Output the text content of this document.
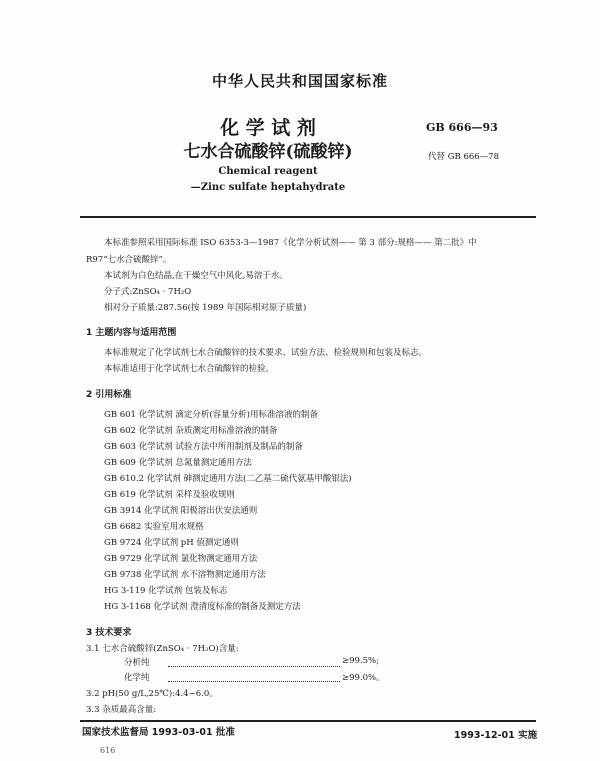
中华人民共和国国家标准
化 学 试 剂
七水合硫酸锌(硫酸锌)
Chemical reagent
—Zinc sulfate heptahydrate
GB 666—93
代替 GB 666—78
本标准参照采用国际标准 ISO 6353-3—1987《化学分析试剂—— 第 3 部分:规格—— 第二批》中
R97“七水合硫酸锌”。
本试剂为白色结晶,在干燥空气中风化,易溶于水。
分子式:ZnSO₄ · 7H₂O
相对分子质量:287.56(按 1989 年国际相对原子质量)
1 主题内容与适用范围
本标准规定了化学试剂七水合硫酸锌的技术要求、试验方法、检验规则和包装及标志。
本标准适用于化学试剂七水合硫酸锌的检验。
2 引用标准
GB 601 化学试剂 滴定分析(容量分析)用标准溶液的制备
GB 602 化学试剂 杂质测定用标准溶液的制备
GB 603 化学试剂 试验方法中所用制剂及制品的制备
GB 609 化学试剂 总氮量测定通用方法
GB 610.2 化学试剂 砷测定通用方法(二乙基二硫代氨基甲酸银法)
GB 619 化学试剂 采样及验收规则
GB 3914 化学试剂 阳极溶出伏安法通则
GB 6682 实验室用水规格
GB 9724 化学试剂 pH 值测定通则
GB 9729 化学试剂 氯化物测定通用方法
GB 9738 化学试剂 水不溶物测定通用方法
HG 3-119 化学试剂 包装及标志
HG 3-1168 化学试剂 澄清度标准的制备及测定方法
3 技术要求
3.1 七水合硫酸锌(ZnSO₄ · 7H₂O)含量:
分析纯	≥99.5%;
化学纯	≥99.0%。
3.2 pH(50 g/L,25℃):4.4~6.0。
3.3 杂质最高含量:
国家技术监督局 1993-03-01 批准	1993-12-01 实施
616
